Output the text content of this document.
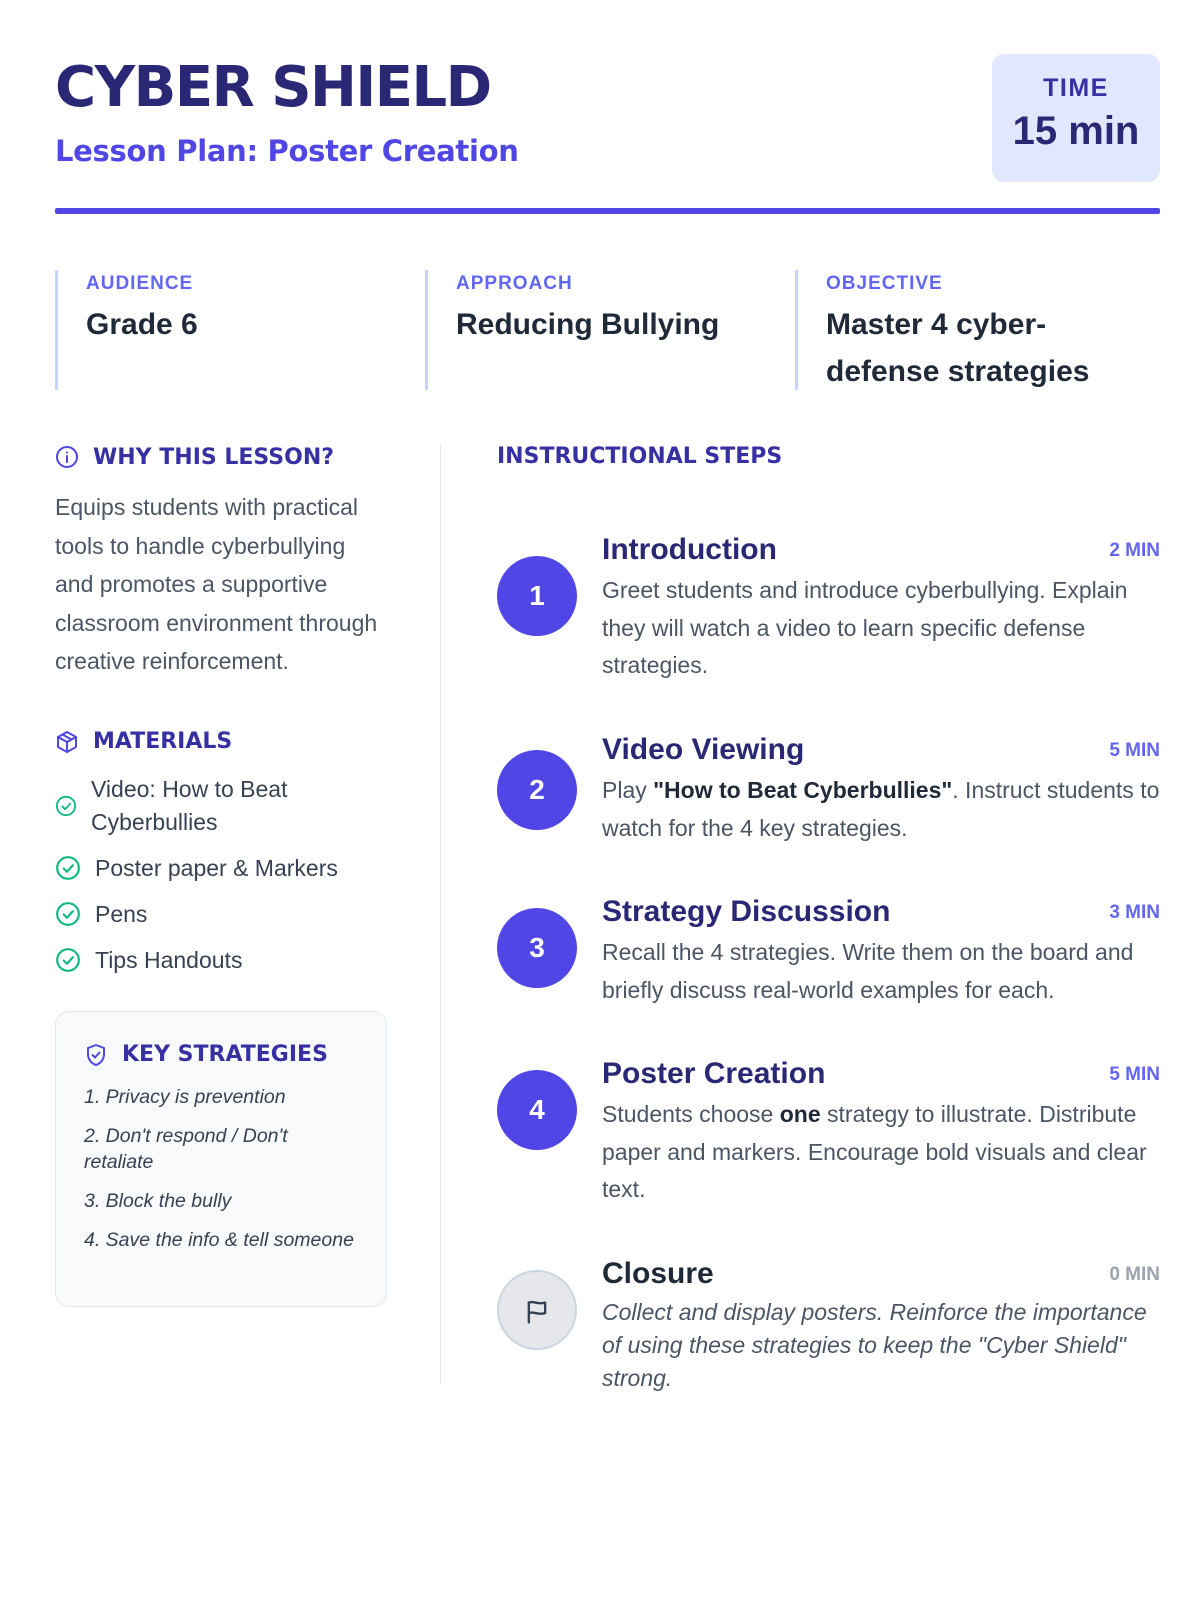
CYBER SHIELD
Lesson Plan: Poster Creation
TIME
15 min
AUDIENCE
Grade 6
APPROACH
Reducing Bullying
OBJECTIVE
Master 4 cyber-defense strategies
WHY THIS LESSON?
Equips students with practical tools to handle cyberbullying and promotes a supportive classroom environment through creative reinforcement.
MATERIALS
Video: How to Beat Cyberbullies
Poster paper & Markers
Pens
Tips Handouts
KEY STRATEGIES
1. Privacy is prevention
2. Don't respond / Don't retaliate
3. Block the bully
4. Save the info & tell someone
INSTRUCTIONAL STEPS
1
Introduction	2 MIN
Greet students and introduce cyberbullying. Explain they will watch a video to learn specific defense strategies.
2
Video Viewing	5 MIN
Play "How to Beat Cyberbullies". Instruct students to watch for the 4 key strategies.
3
Strategy Discussion	3 MIN
Recall the 4 strategies. Write them on the board and briefly discuss real-world examples for each.
4
Poster Creation	5 MIN
Students choose one strategy to illustrate. Distribute paper and markers. Encourage bold visuals and clear text.
Closure	0 MIN
Collect and display posters. Reinforce the importance of using these strategies to keep the "Cyber Shield" strong.
